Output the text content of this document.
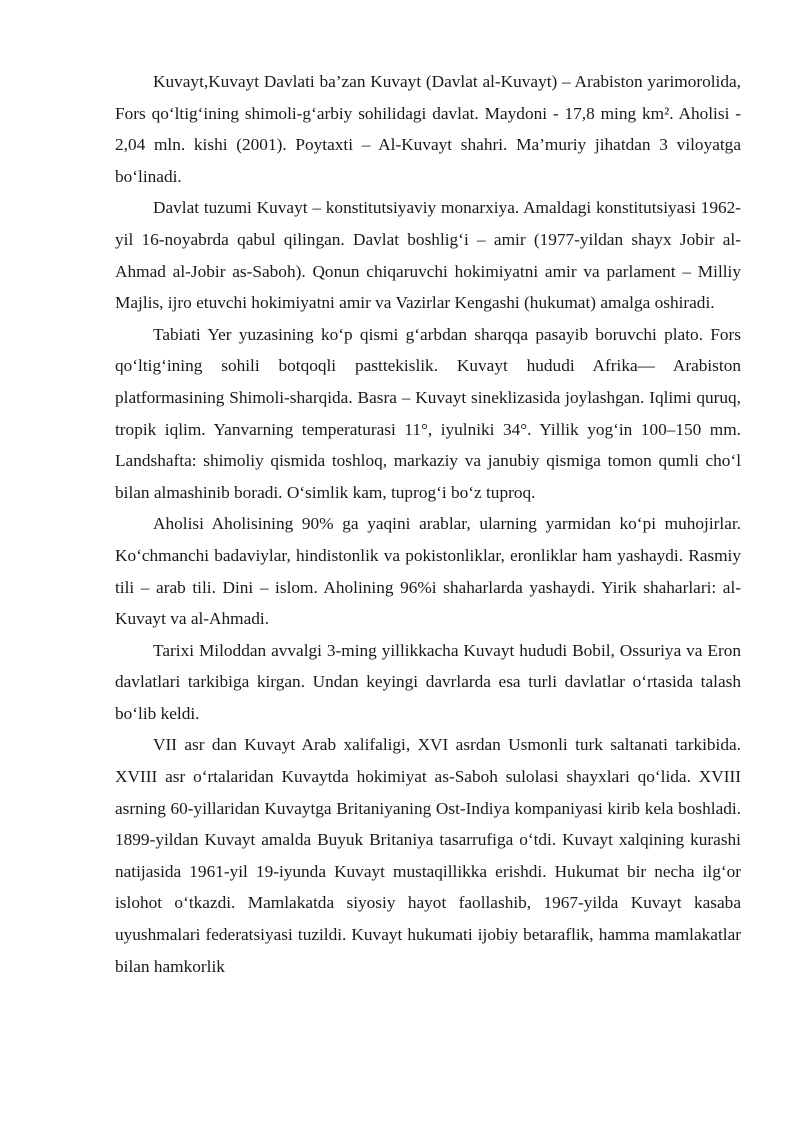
Kuvayt,Kuvayt Davlati ba’zan Kuvayt (Davlat al-Kuvayt) – Arabiston yarimorolida, Fors qo‘ltig‘ining shimoli-g‘arbiy sohilidagi davlat. Maydoni - 17,8 ming km². Aholisi - 2,04 mln. kishi (2001). Poytaxti – Al-Kuvayt shahri. Ma’muriy jihatdan 3 viloyatga bo‘linadi.

Davlat tuzumi Kuvayt – konstitutsiyaviy monarxiya. Amaldagi konstitutsiyasi 1962-yil 16-noyabrda qabul qilingan. Davlat boshlig‘i – amir (1977-yildan shayx Jobir al-Ahmad al-Jobir as-Saboh). Qonun chiqaruvchi hokimiyatni amir va parlament – Milliy Majlis, ijro etuvchi hokimiyatni amir va Vazirlar Kengashi (hukumat) amalga oshiradi.

Tabiati Yer yuzasining ko‘p qismi g‘arbdan sharqqa pasayib boruvchi plato. Fors qo‘ltig‘ining sohili botqoqli pasttekislik. Kuvayt hududi Afrika— Arabiston platformasining Shimoli-sharqida. Basra – Kuvayt sineklizasida joylashgan. Iqlimi quruq, tropik iqlim. Yanvarning temperaturasi 11°, iyulniki 34°. Yillik yog‘in 100–150 mm. Landshafta: shimoliy qismida toshloq, markaziy va janubiy qismiga tomon qumli cho‘l bilan almashinib boradi. O‘simlik kam, tuprog‘i bo‘z tuproq.

Aholisi Aholisining 90% ga yaqini arablar, ularning yarmidan ko‘pi muhojirlar. Ko‘chmanchi badaviylar, hindistonlik va pokistonliklar, eronliklar ham yashaydi. Rasmiy tili – arab tili. Dini – islom. Aholining 96%i shaharlarda yashaydi. Yirik shaharlari: al-Kuvayt va al-Ahmadi.

Tarixi Miloddan avvalgi 3-ming yillikkacha Kuvayt hududi Bobil, Ossuriya va Eron davlatlari tarkibiga kirgan. Undan keyingi davrlarda esa turli davlatlar o‘rtasida talash bo‘lib keldi.

VII asr dan Kuvayt Arab xalifaligi, XVI asrdan Usmonli turk saltanati tarkibida. XVIII asr o‘rtalaridan Kuvaytda hokimiyat as-Saboh sulolasi shayxlari qo‘lida. XVIII asrning 60-yillaridan Kuvaytga Britaniyaning Ost-Indiya kompaniyasi kirib kela boshladi. 1899-yildan Kuvayt amalda Buyuk Britaniya tasarrufiga o‘tdi. Kuvayt xalqining kurashi natijasida 1961-yil 19-iyunda Kuvayt mustaqillikka erishdi. Hukumat bir necha ilg‘or islohot o‘tkazdi. Mamlakatda siyosiy hayot faollashib, 1967-yilda Kuvayt kasaba uyushmalari federatsiyasi tuzildi. Kuvayt hukumati ijobiy betaraflik, hamma mamlakatlar bilan hamkorlik
